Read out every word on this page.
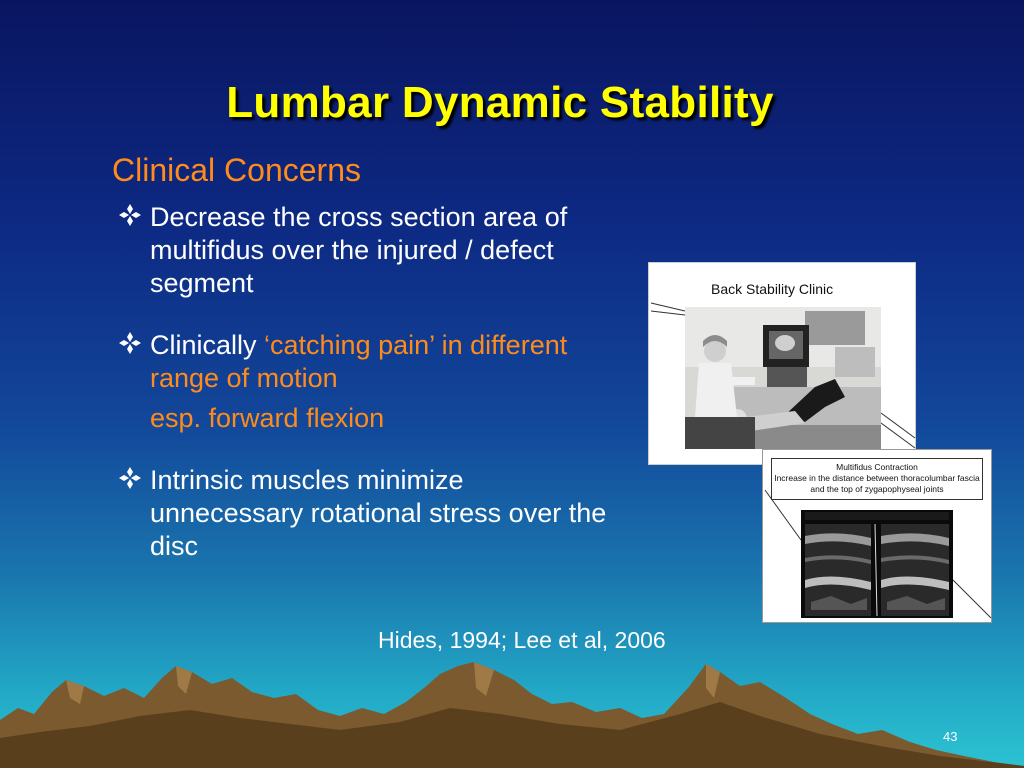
Lumbar Dynamic Stability
Clinical Concerns
Decrease the cross section area of multifidus over the injured / defect segment
Clinically ‘catching pain’ in different range of motion
esp. forward flexion
Intrinsic muscles minimize unnecessary rotational stress over the disc
Back Stability Clinic
Multifidus Contraction
Increase in the distance between thoracolumbar fascia and the top of zygapophyseal joints
Hides, 1994; Lee et al, 2006
43
